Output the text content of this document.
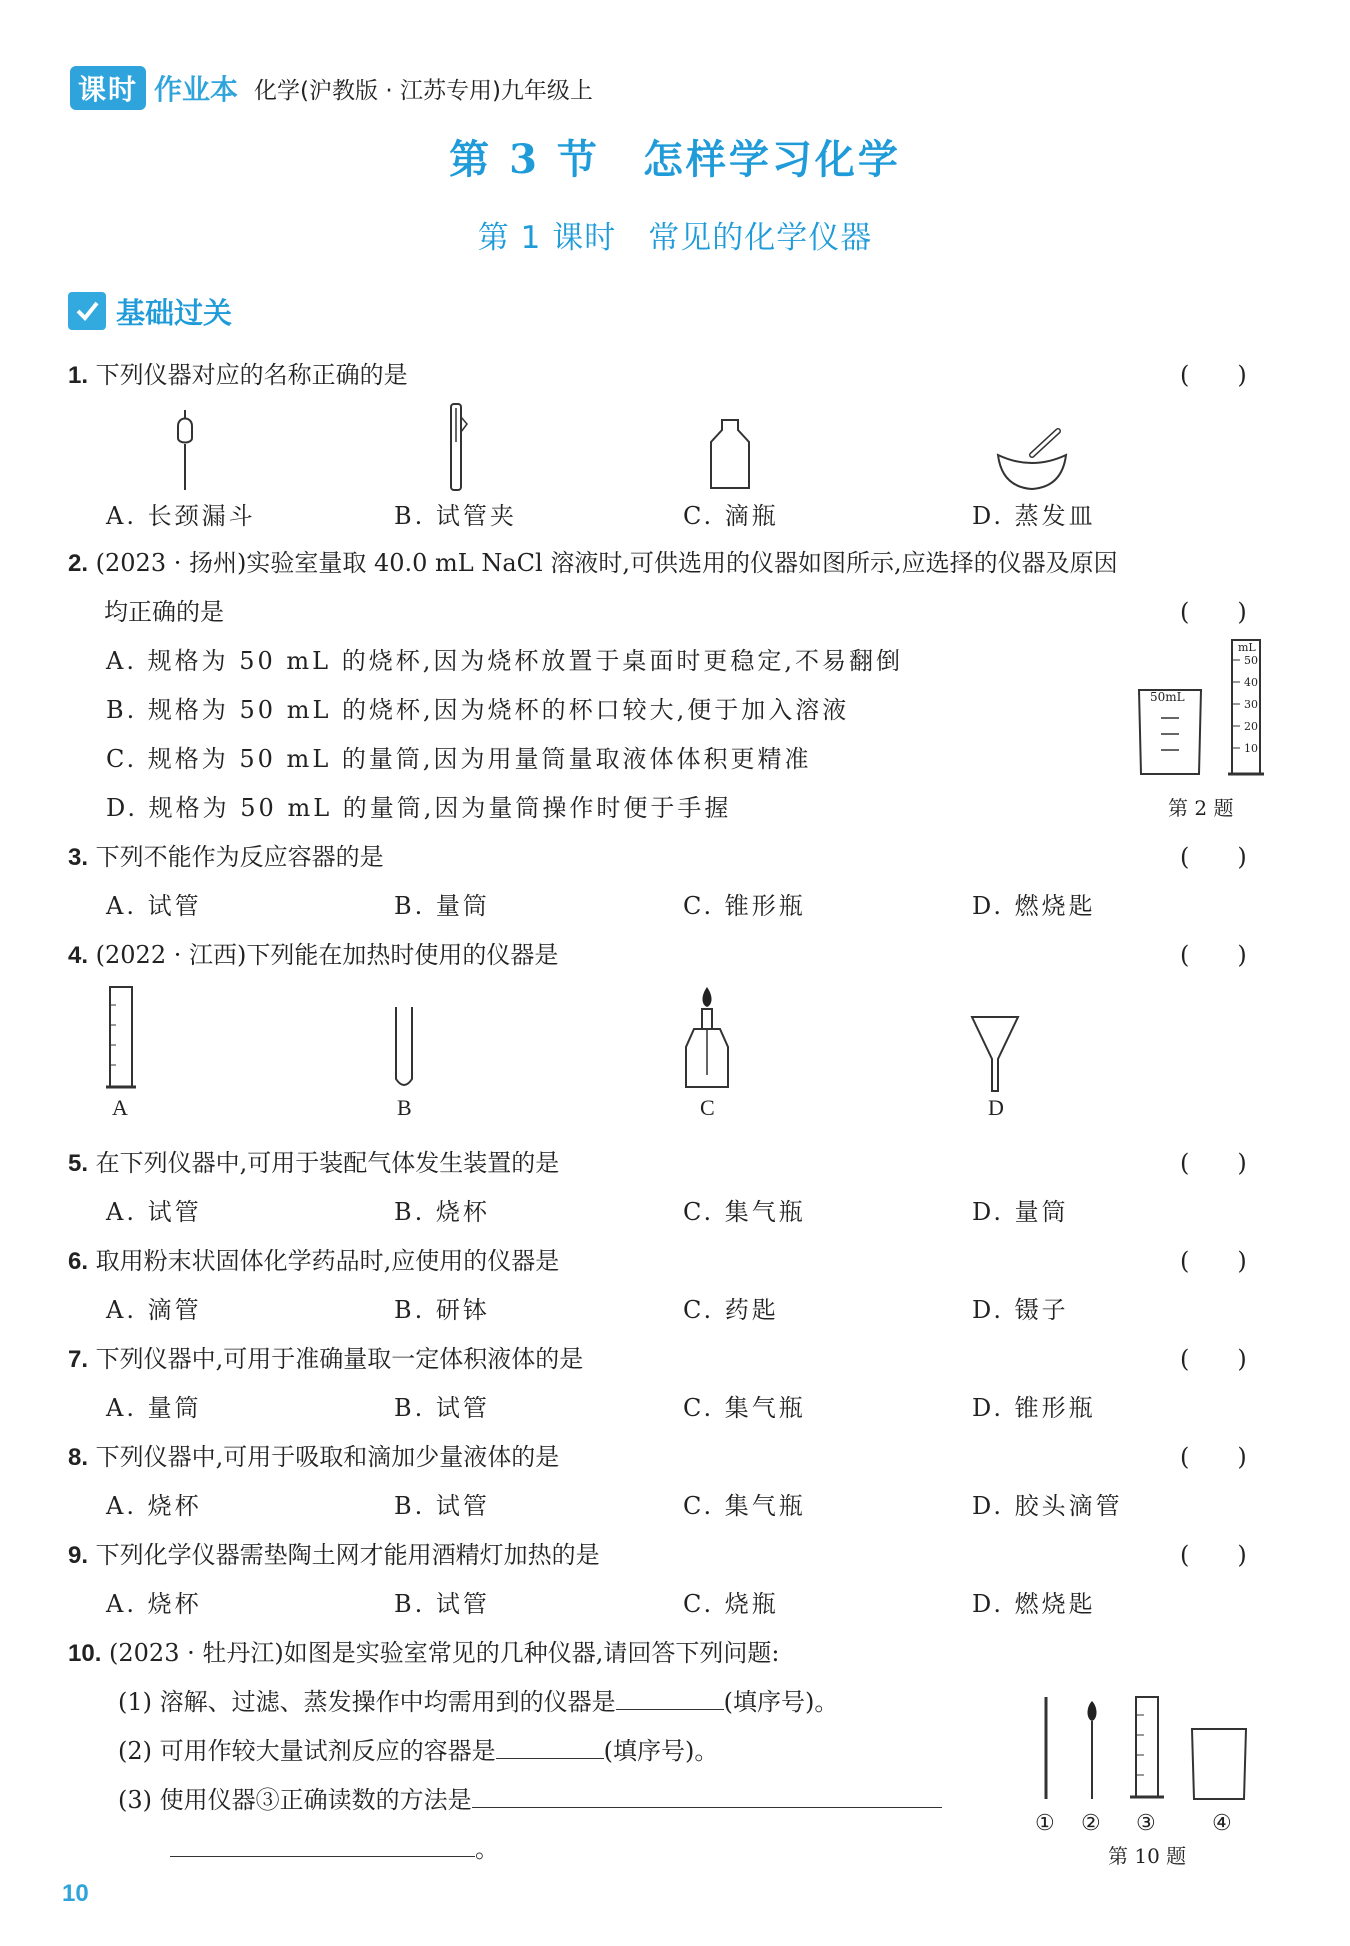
课时 作业本 化学(沪教版 · 江苏专用)九年级上
第 3 节　怎样学习化学
第 1 课时　常见的化学仪器
基础过关
1. 下列仪器对应的名称正确的是	(　　)
A. 长颈漏斗	B. 试管夹	C. 滴瓶	D. 蒸发皿
2. (2023 · 扬州)实验室量取 40.0 mL NaCl 溶液时,可供选用的仪器如图所示,应选择的仪器及原因
均正确的是	(　　)
A. 规格为 50 mL 的烧杯,因为烧杯放置于桌面时更稳定,不易翻倒
B. 规格为 50 mL 的烧杯,因为烧杯的杯口较大,便于加入溶液
C. 规格为 50 mL 的量筒,因为用量筒量取液体体积更精准
D. 规格为 50 mL 的量筒,因为量筒操作时便于手握
50mL
mL
50
40
30
20
10
第 2 题
3. 下列不能作为反应容器的是	(　　)
A. 试管	B. 量筒	C. 锥形瓶	D. 燃烧匙
4. (2022 · 江西)下列能在加热时使用的仪器是	(　　)
A	B	C	D
5. 在下列仪器中,可用于装配气体发生装置的是	(　　)
A. 试管	B. 烧杯	C. 集气瓶	D. 量筒
6. 取用粉末状固体化学药品时,应使用的仪器是	(　　)
A. 滴管	B. 研钵	C. 药匙	D. 镊子
7. 下列仪器中,可用于准确量取一定体积液体的是	(　　)
A. 量筒	B. 试管	C. 集气瓶	D. 锥形瓶
8. 下列仪器中,可用于吸取和滴加少量液体的是	(　　)
A. 烧杯	B. 试管	C. 集气瓶	D. 胶头滴管
9. 下列化学仪器需垫陶土网才能用酒精灯加热的是	(　　)
A. 烧杯	B. 试管	C. 烧瓶	D. 燃烧匙
10. (2023 · 牡丹江)如图是实验室常见的几种仪器,请回答下列问题:
(1) 溶解、过滤、蒸发操作中均需用到的仪器是	(填序号)。
(2) 可用作较大量试剂反应的容器是	(填序号)。
(3) 使用仪器③正确读数的方法是
。
① ② ③	④
第 10 题
10
